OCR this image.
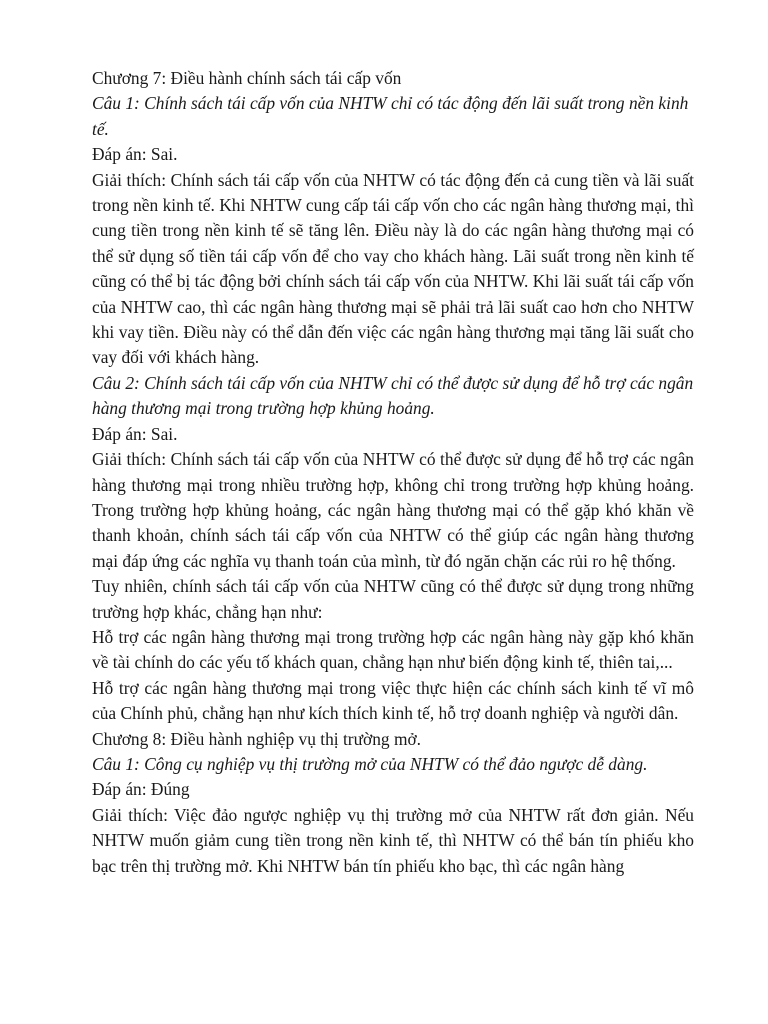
Chương 7: Điều hành chính sách tái cấp vốn

Câu 1: Chính sách tái cấp vốn của NHTW chỉ có tác động đến lãi suất trong nền kinh tế.

Đáp án: Sai.

Giải thích: Chính sách tái cấp vốn của NHTW có tác động đến cả cung tiền và lãi suất trong nền kinh tế. Khi NHTW cung cấp tái cấp vốn cho các ngân hàng thương mại, thì cung tiền trong nền kinh tế sẽ tăng lên. Điều này là do các ngân hàng thương mại có thể sử dụng số tiền tái cấp vốn để cho vay cho khách hàng. Lãi suất trong nền kinh tế cũng có thể bị tác động bởi chính sách tái cấp vốn của NHTW. Khi lãi suất tái cấp vốn của NHTW cao, thì các ngân hàng thương mại sẽ phải trả lãi suất cao hơn cho NHTW khi vay tiền. Điều này có thể dẫn đến việc các ngân hàng thương mại tăng lãi suất cho vay đối với khách hàng.

Câu 2: Chính sách tái cấp vốn của NHTW chỉ có thể được sử dụng để hỗ trợ các ngân hàng thương mại trong trường hợp khủng hoảng.

Đáp án: Sai.

Giải thích: Chính sách tái cấp vốn của NHTW có thể được sử dụng để hỗ trợ các ngân hàng thương mại trong nhiều trường hợp, không chỉ trong trường hợp khủng hoảng. Trong trường hợp khủng hoảng, các ngân hàng thương mại có thể gặp khó khăn về thanh khoản, chính sách tái cấp vốn của NHTW có thể giúp các ngân hàng thương mại đáp ứng các nghĩa vụ thanh toán của mình, từ đó ngăn chặn các rủi ro hệ thống.

Tuy nhiên, chính sách tái cấp vốn của NHTW cũng có thể được sử dụng trong những trường hợp khác, chẳng hạn như:

Hỗ trợ các ngân hàng thương mại trong trường hợp các ngân hàng này gặp khó khăn về tài chính do các yếu tố khách quan, chẳng hạn như biến động kinh tế, thiên tai,...

Hỗ trợ các ngân hàng thương mại trong việc thực hiện các chính sách kinh tế vĩ mô của Chính phủ, chẳng hạn như kích thích kinh tế, hỗ trợ doanh nghiệp và người dân.

Chương 8: Điều hành nghiệp vụ thị trường mở.

Câu 1: Công cụ nghiệp vụ thị trường mở của NHTW có thể đảo ngược dễ dàng.

Đáp án: Đúng

Giải thích: Việc đảo ngược nghiệp vụ thị trường mở của NHTW rất đơn giản. Nếu NHTW muốn giảm cung tiền trong nền kinh tế, thì NHTW có thể bán tín phiếu kho bạc trên thị trường mở. Khi NHTW bán tín phiếu kho bạc, thì các ngân hàng
